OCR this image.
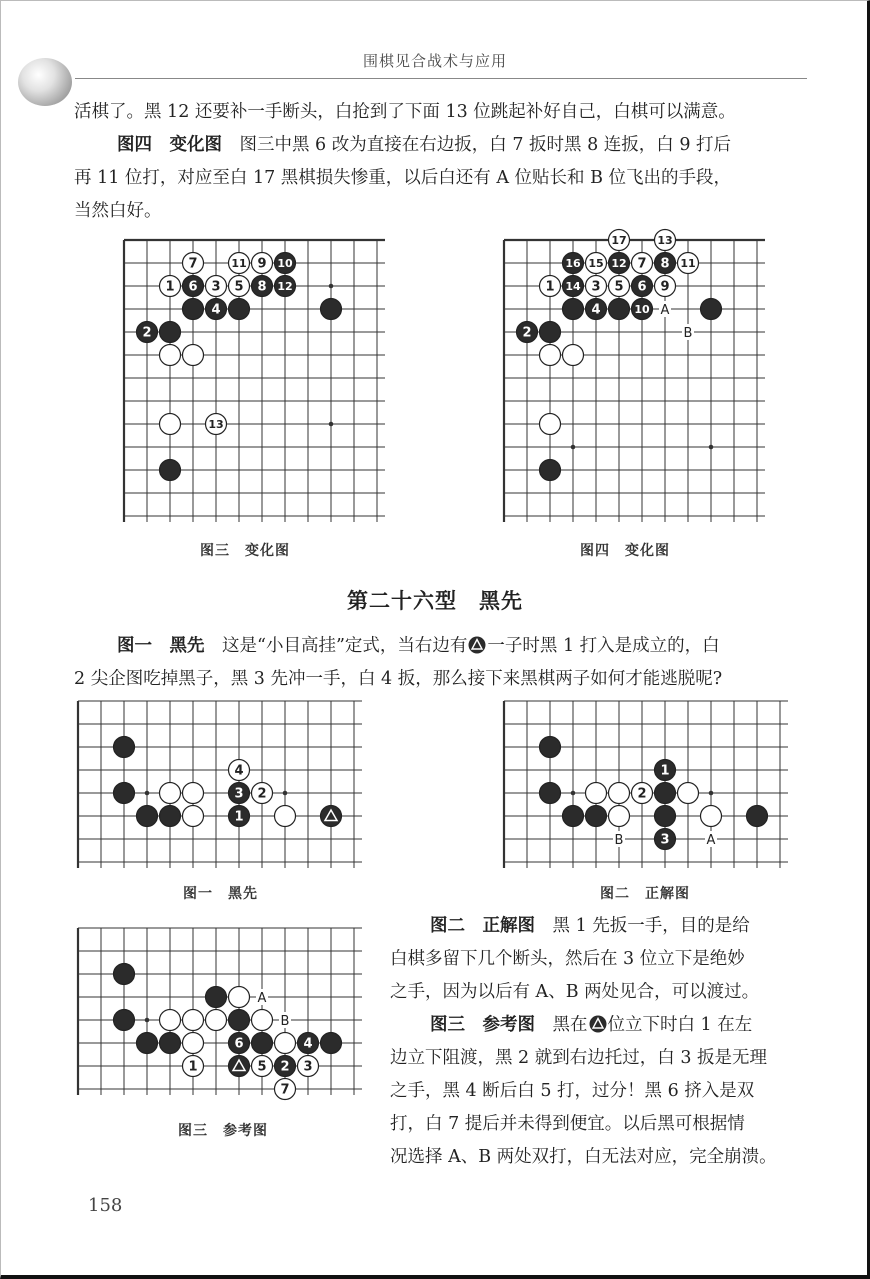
围棋见合战术与应用
活棋了。黑 12 还要补一手断头，白抢到了下面 13 位跳起补好自己，白棋可以满意。
图四　变化图　图三中黑 6 改为直接在右边扳，白 7 扳时黑 8 连扳，白 9 打后
再 11 位打，对应至白 17 黑棋损失惨重，以后白还有 A 位贴长和 B 位飞出的手段，
当然白好。
7	11 9 10
1 6 3 5 8 12
4
2
13
A
B
17	13
16 15 12 7 8 11
1 14 3 5 6 9
4	10
2
图三　变化图	图四　变化图
第二十六型　黑先
图一　黑先　这是“小目高挂”定式，当右边有 一子时黑 1 打入是成立的，白
2 尖企图吃掉黑子，黑 3 先冲一手，白 4 扳，那么接下来黑棋两子如何才能逃脱呢?
4
3 2
1
B	A
1
2
3
图一　黑先	图二　正解图
A
B
6	4
1	5 2 3
7
图三　参考图
图二　正解图　黑 1 先扳一手，目的是给
白棋多留下几个断头，然后在 3 位立下是绝妙
之手，因为以后有 A、B 两处见合，可以渡过。
图三　参考图　黑在 位立下时白 1 在左
边立下阻渡，黑 2 就到右边托过，白 3 扳是无理
之手，黑 4 断后白 5 打，过分！黑 6 挤入是双
打，白 7 提后并未得到便宜。以后黑可根据情
况选择 A、B 两处双打，白无法对应，完全崩溃。
158
